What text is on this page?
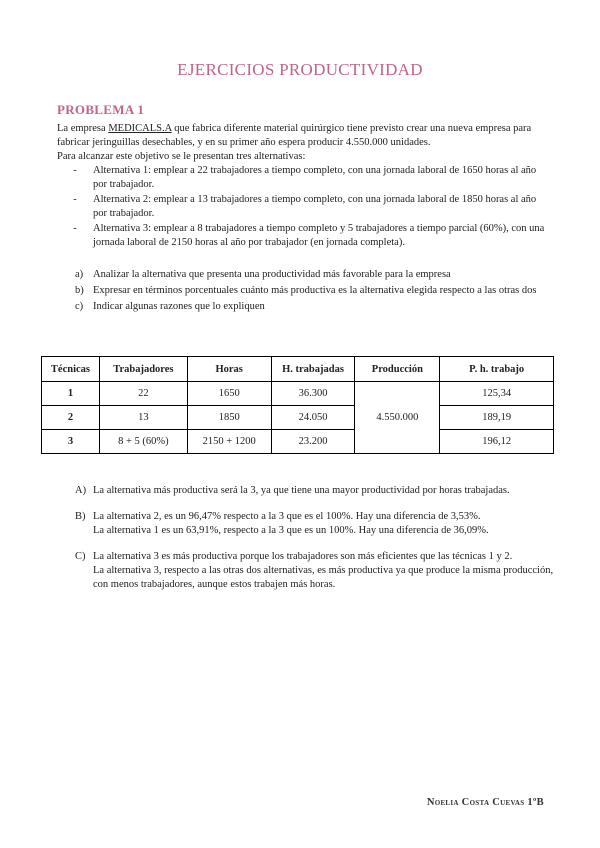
EJERCICIOS PRODUCTIVIDAD
PROBLEMA 1
La empresa MEDICALS.A que fabrica diferente material quirúrgico tiene previsto crear una nueva empresa para fabricar jeringuillas desechables, y en su primer año espera producir 4.550.000 unidades.
Para alcanzar este objetivo se le presentan tres alternativas:
-	Alternativa 1: emplear a 22 trabajadores a tiempo completo, con una jornada laboral de 1650 horas al año por trabajador.
-	Alternativa 2: emplear a 13 trabajadores a tiempo completo, con una jornada laboral de 1850 horas al año por trabajador.
-	Alternativa 3: emplear a 8 trabajadores a tiempo completo y 5 trabajadores a tiempo parcial (60%), con una jornada laboral de 2150 horas al año por trabajador (en jornada completa).
a) Analizar la alternativa que presenta una productividad más favorable para la empresa
b) Expresar en términos porcentuales cuánto más productiva es la alternativa elegida respecto a las otras dos
c) Indicar algunas razones que lo expliquen
Técnicas	Trabajadores	Horas	H. trabajadas	Producción	P. h. trabajo
1	22	1650	36.300	4.550.000	125,34
2	13	1850	24.050		189,19
3	8 + 5 (60%)	2150 + 1200	23.200		196,12
A) La alternativa más productiva será la 3, ya que tiene una mayor productividad por horas trabajadas.
B) La alternativa 2, es un 96,47% respecto a la 3 que es el 100%. Hay una diferencia de 3,53%.
La alternativa 1 es un 63,91%, respecto a la 3 que es un 100%. Hay una diferencia de 36,09%.
C) La alternativa 3 es más productiva porque los trabajadores son más eficientes que las técnicas 1 y 2.
La alternativa 3, respecto a las otras dos alternativas, es más productiva ya que produce la misma producción, con menos trabajadores, aunque estos trabajen más horas.
Noelia Costa Cuevas 1ºB
